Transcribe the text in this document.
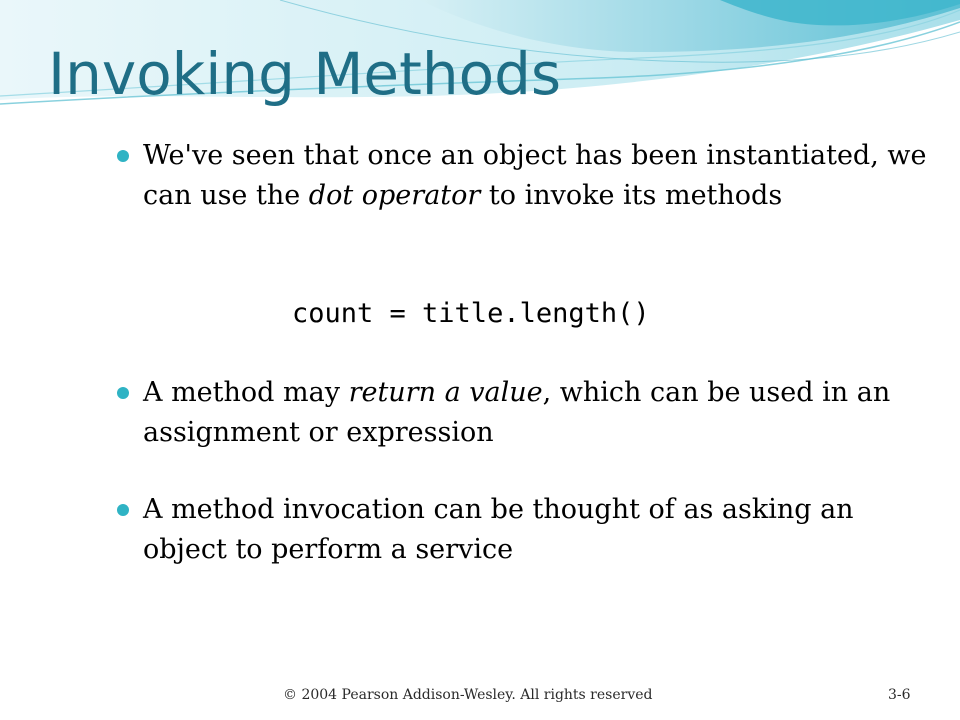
Invoking Methods
We've seen that once an object has been instantiated, we can use the dot operator to invoke its methods
count = title.length()
A method may return a value, which can be used in an assignment or expression
A method invocation can be thought of as asking an object to perform a service
© 2004 Pearson Addison-Wesley. All rights reserved	3-6
